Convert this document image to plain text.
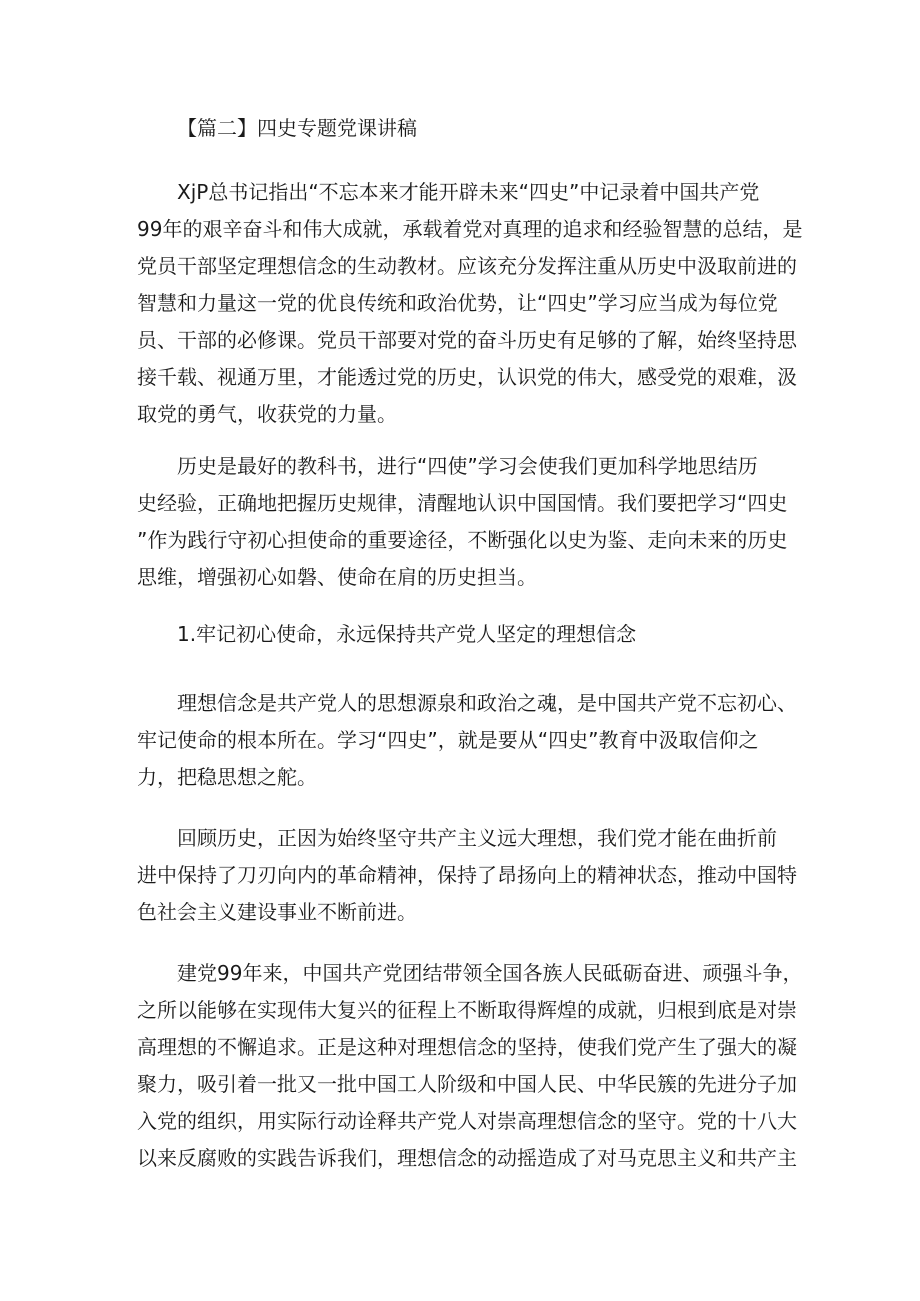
【篇二】四史专题党课讲稿
XjP总书记指出“不忘本来才能开辟未来“四史”中记录着中国共产党
99年的艰辛奋斗和伟大成就，承载着党对真理的追求和经验智慧的总结，是
党员干部坚定理想信念的生动教材。应该充分发挥注重从历史中汲取前进的
智慧和力量这一党的优良传统和政治优势，让“四史”学习应当成为每位党
员、干部的必修课。党员干部要对党的奋斗历史有足够的了解，始终坚持思
接千载、视通万里，才能透过党的历史，认识党的伟大，感受党的艰难，汲
取党的勇气，收获党的力量。
历史是最好的教科书，进行“四使”学习会使我们更加科学地思结历
史经验，正确地把握历史规律，清醒地认识中国国情。我们要把学习“四史
”作为践行守初心担使命的重要途径，不断强化以史为鉴、走向未来的历史
思维，增强初心如磐、使命在肩的历史担当。
1.牢记初心使命，永远保持共产党人坚定的理想信念
理想信念是共产党人的思想源泉和政治之魂，是中国共产党不忘初心、
牢记使命的根本所在。学习“四史”，就是要从“四史”教育中汲取信仰之
力，把稳思想之舵。
回顾历史，正因为始终坚守共产主义远大理想，我们党才能在曲折前
进中保持了刀刃向内的革命精神，保持了昂扬向上的精神状态，推动中国特
色社会主义建设事业不断前进。
建党99年来，中国共产党团结带领全国各族人民砥砺奋进、顽强斗争，
之所以能够在实现伟大复兴的征程上不断取得辉煌的成就，归根到底是对崇
高理想的不懈追求。正是这种对理想信念的坚持，使我们党产生了强大的凝
聚力，吸引着一批又一批中国工人阶级和中国人民、中华民簇的先进分子加
入党的组织，用实际行动诠释共产党人对崇高理想信念的坚守。党的十八大
以来反腐败的实践告诉我们，理想信念的动摇造成了对马克思主义和共产主
